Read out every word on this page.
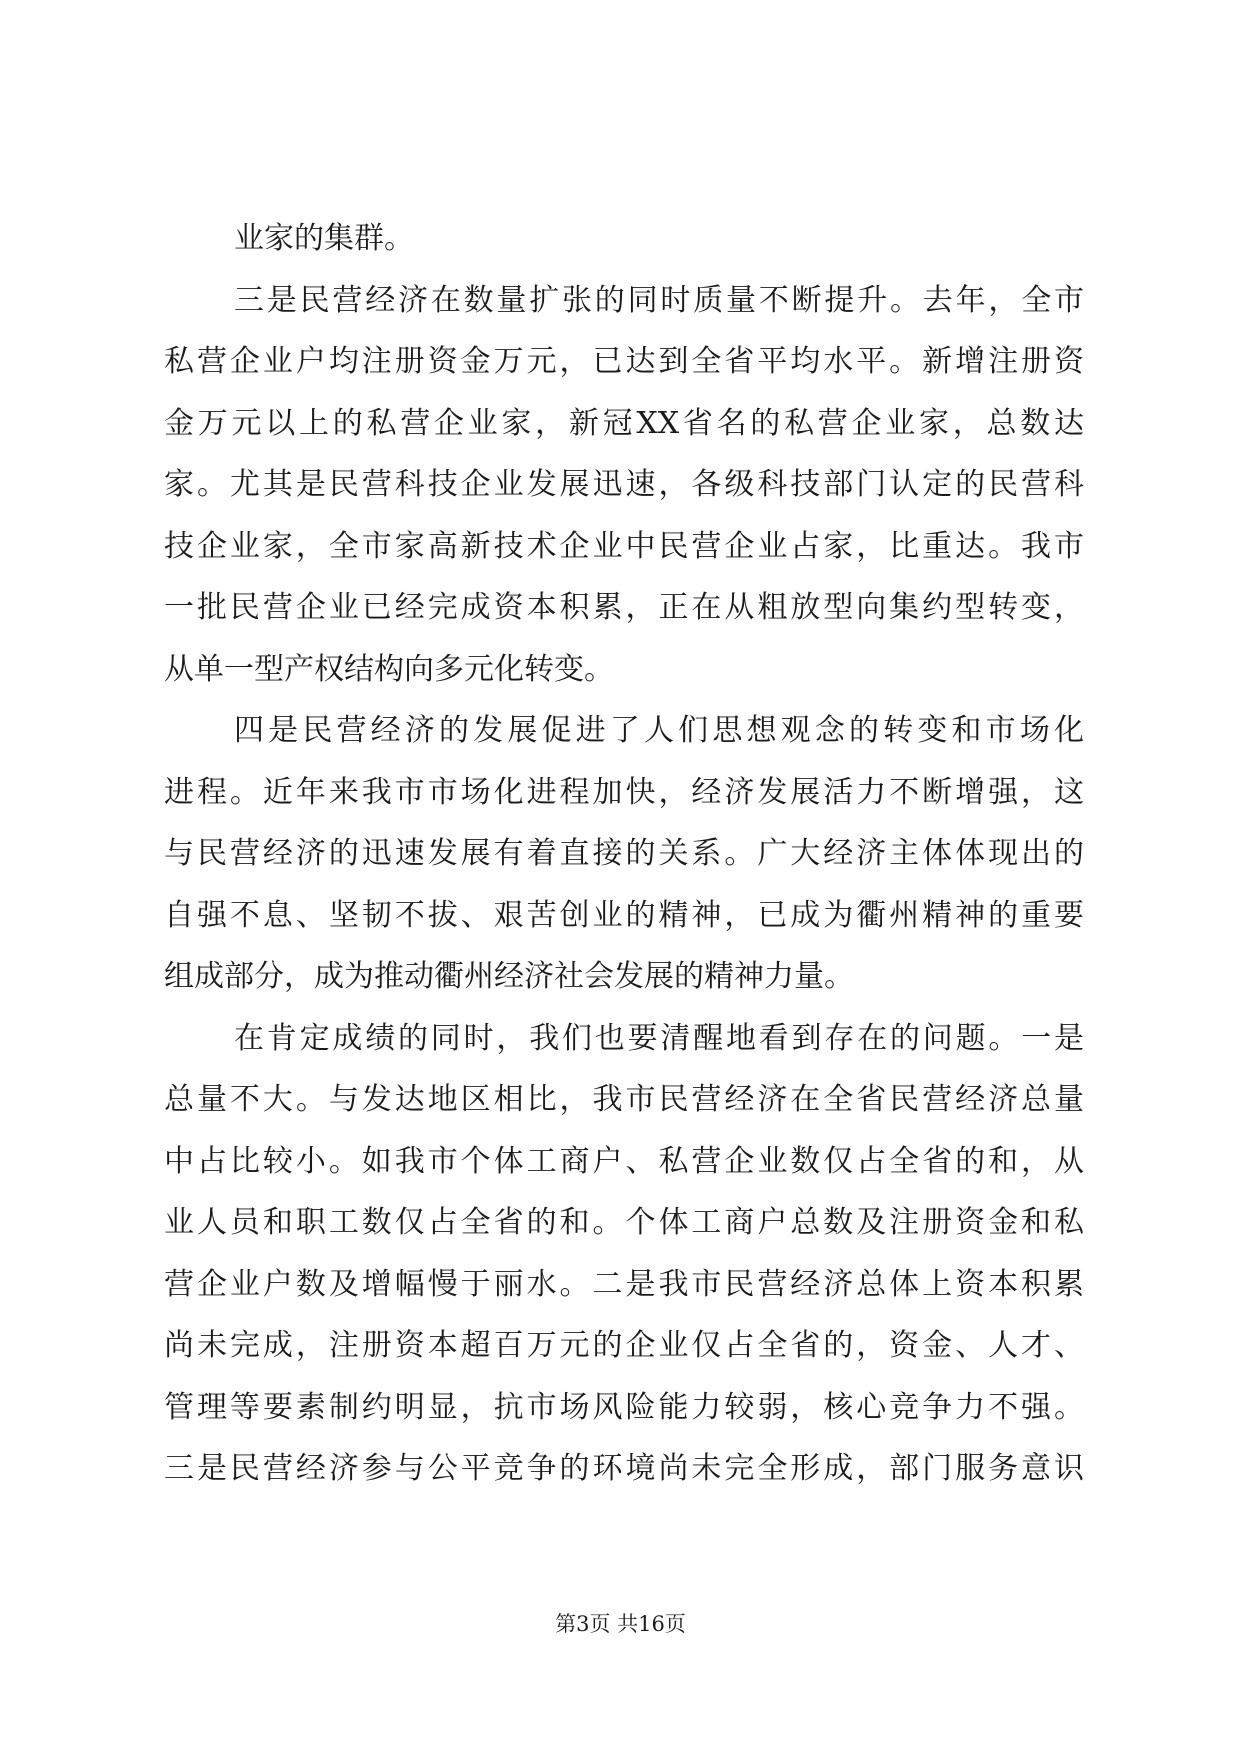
业家的集群。
三是民营经济在数量扩张的同时质量不断提升。去年，全市
私营企业户均注册资金万元，已达到全省平均水平。新增注册资
金万元以上的私营企业家，新冠XX省名的私营企业家，总数达
家。尤其是民营科技企业发展迅速，各级科技部门认定的民营科
技企业家，全市家高新技术企业中民营企业占家，比重达。我市
一批民营企业已经完成资本积累，正在从粗放型向集约型转变，
从单一型产权结构向多元化转变。
四是民营经济的发展促进了人们思想观念的转变和市场化
进程。近年来我市市场化进程加快，经济发展活力不断增强，这
与民营经济的迅速发展有着直接的关系。广大经济主体体现出的
自强不息、坚韧不拔、艰苦创业的精神，已成为衢州精神的重要
组成部分，成为推动衢州经济社会发展的精神力量。
在肯定成绩的同时，我们也要清醒地看到存在的问题。一是
总量不大。与发达地区相比，我市民营经济在全省民营经济总量
中占比较小。如我市个体工商户、私营企业数仅占全省的和，从
业人员和职工数仅占全省的和。个体工商户总数及注册资金和私
营企业户数及增幅慢于丽水。二是我市民营经济总体上资本积累
尚未完成，注册资本超百万元的企业仅占全省的，资金、人才、
管理等要素制约明显，抗市场风险能力较弱，核心竞争力不强。
三是民营经济参与公平竞争的环境尚未完全形成，部门服务意识
第3页 共16页
